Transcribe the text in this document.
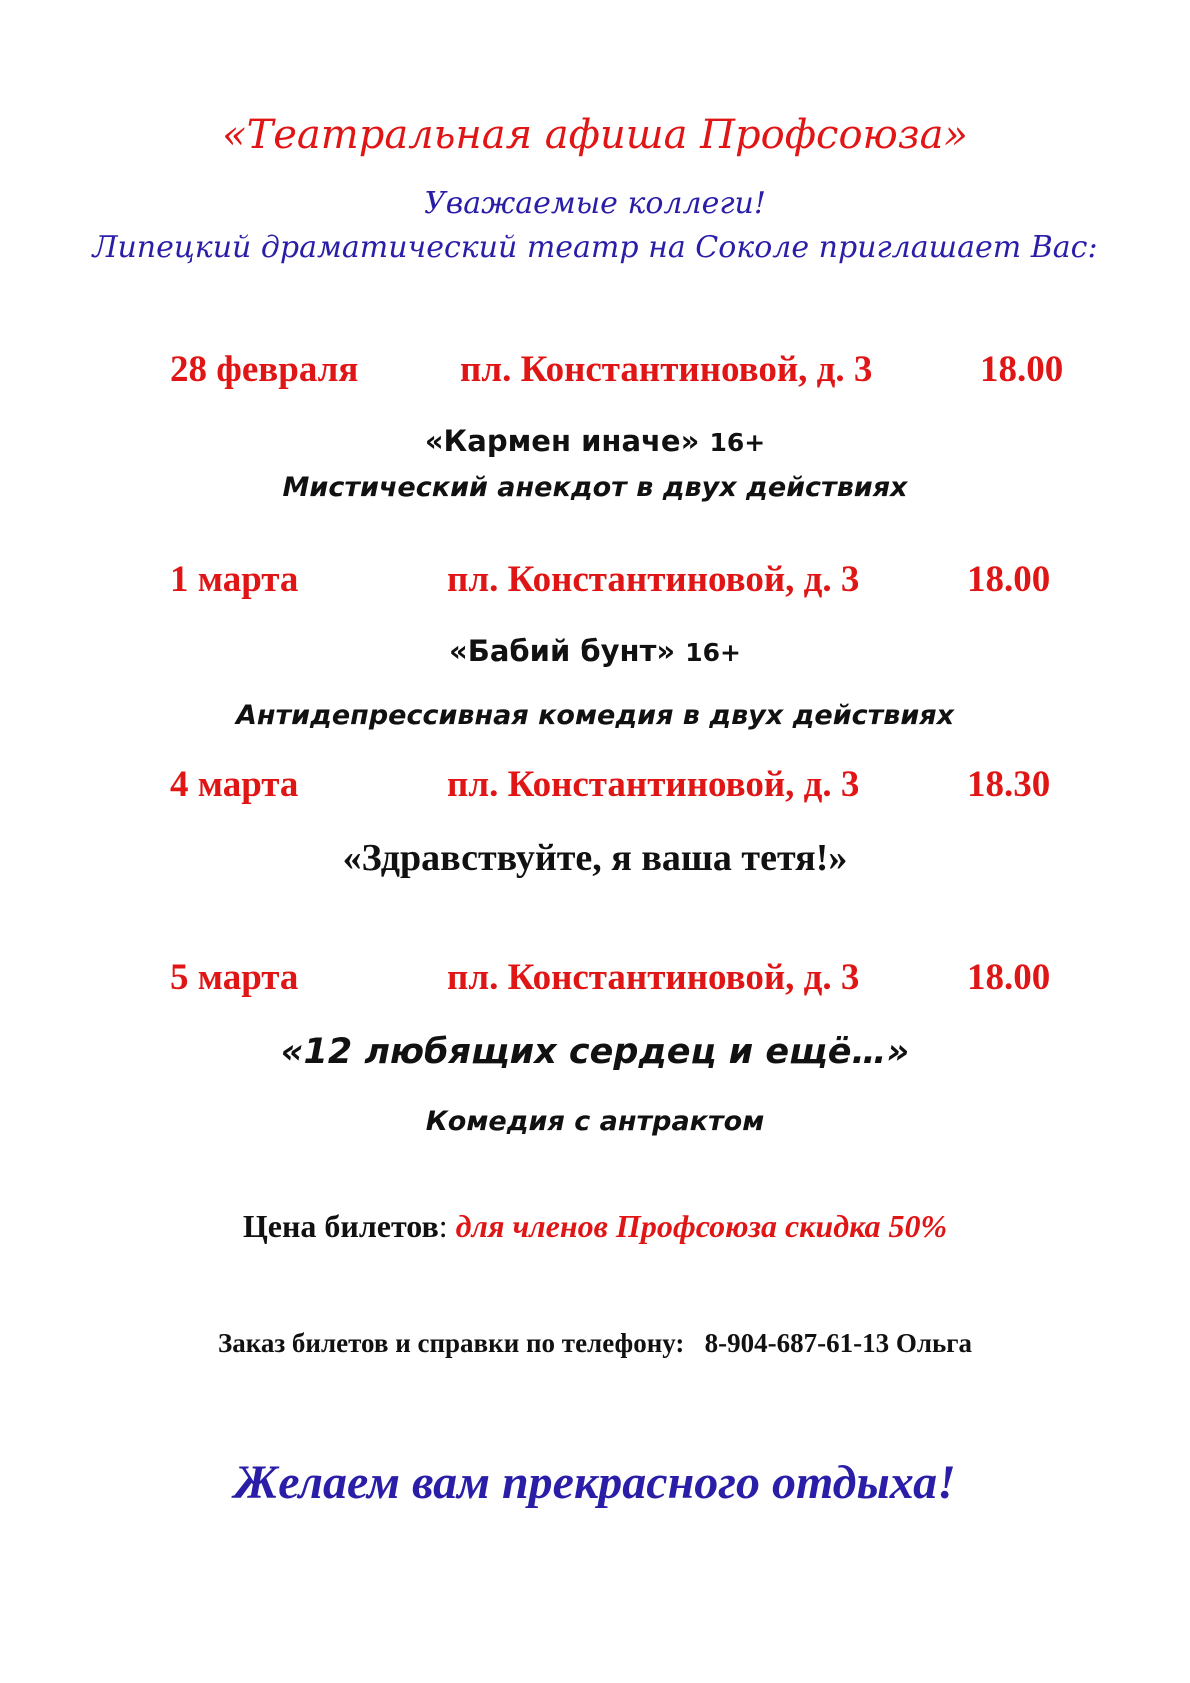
«Театральная афиша Профсоюза»
Уважаемые коллеги!
Липецкий драматический театр на Соколе приглашает Вас:
28 февраля	пл. Константиновой, д. 3	18.00
«Кармен иначе» 16+
Мистический анекдот в двух действиях
1 марта	пл. Константиновой, д. 3	18.00
«Бабий бунт» 16+
Антидепрессивная комедия в двух действиях
4 марта	пл. Константиновой, д. 3	18.30
«Здравствуйте, я ваша тетя!»
5 марта	пл. Константиновой, д. 3	18.00
«12 любящих сердец и ещё…»
Комедия с антрактом
Цена билетов: для членов Профсоюза скидка 50%
Заказ билетов и справки по телефону: 8-904-687-61-13 Ольга
Желаем вам прекрасного отдыха!
